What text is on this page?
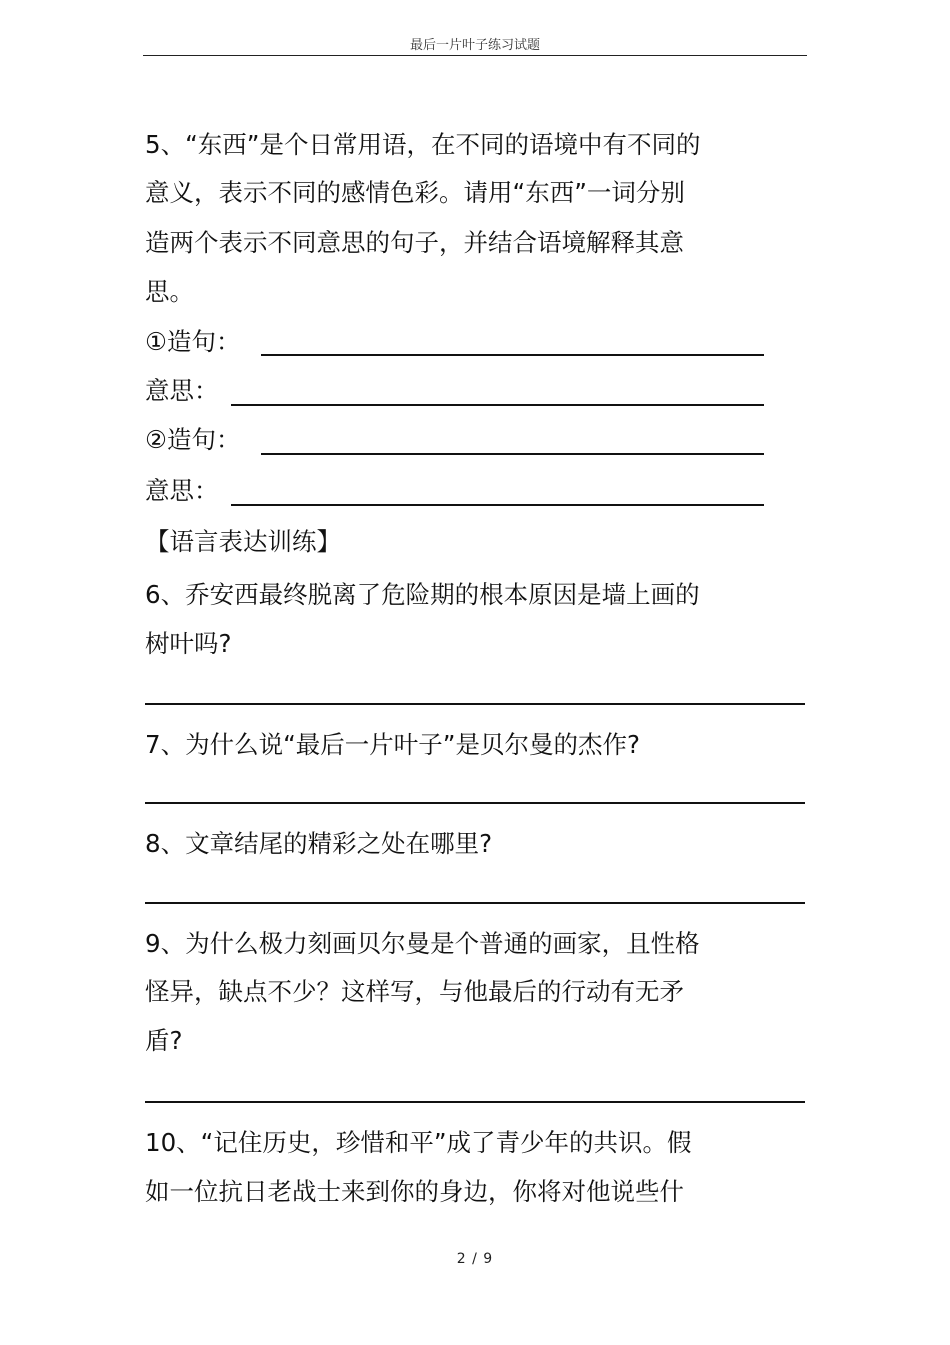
最后一片叶子练习试题
5、“东西”是个日常用语，在不同的语境中有不同的
意义，表示不同的感情色彩。请用“东西”一词分别
造两个表示不同意思的句子，并结合语境解释其意
思。
①造句：
意思：
②造句：
意思：
【语言表达训练】
6、乔安西最终脱离了危险期的根本原因是墙上画的
树叶吗?
7、为什么说“最后一片叶子”是贝尔曼的杰作?
8、文章结尾的精彩之处在哪里?
9、为什么极力刻画贝尔曼是个普通的画家，且性格
怪异，缺点不少？这样写，与他最后的行动有无矛
盾?
10、“记住历史，珍惜和平”成了青少年的共识。假
如一位抗日老战士来到你的身边，你将对他说些什
2 / 9
